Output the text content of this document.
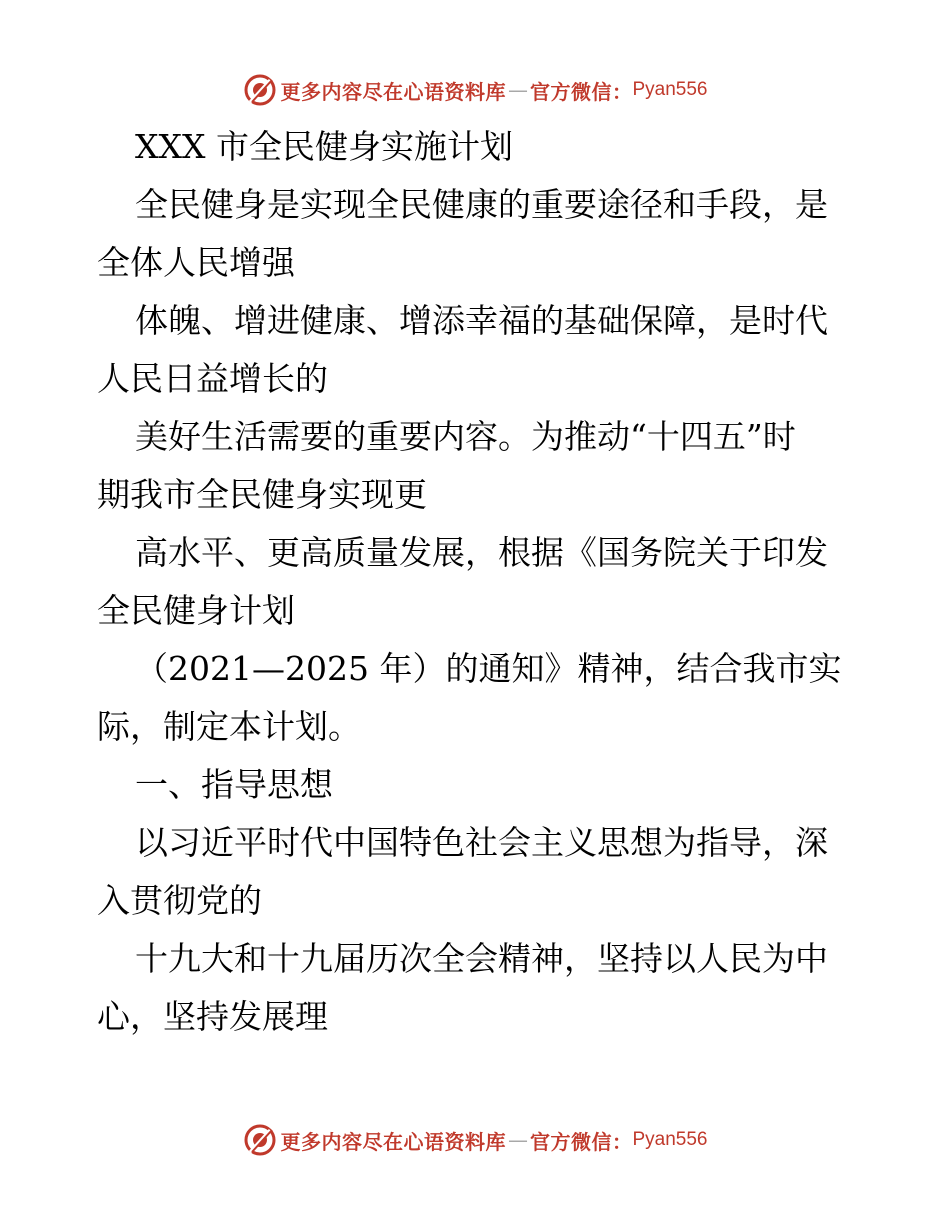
更多内容尽在心语资料库 — 官方微信： Pyan556
XXX 市全民健身实施计划
全民健身是实现全民健康的重要途径和手段，是
全体人民增强
体魄、增进健康、增添幸福的基础保障，是时代
人民日益增长的
美好生活需要的重要内容。为推动“十四五”时
期我市全民健身实现更
高水平、更高质量发展，根据《国务院关于印发
全民健身计划
（2021—2025 年）的通知》精神，结合我市实
际，制定本计划。
一、指导思想
以习近平时代中国特色社会主义思想为指导，深
入贯彻党的
十九大和十九届历次全会精神，坚持以人民为中
心，坚持发展理
更多内容尽在心语资料库 — 官方微信： Pyan556
